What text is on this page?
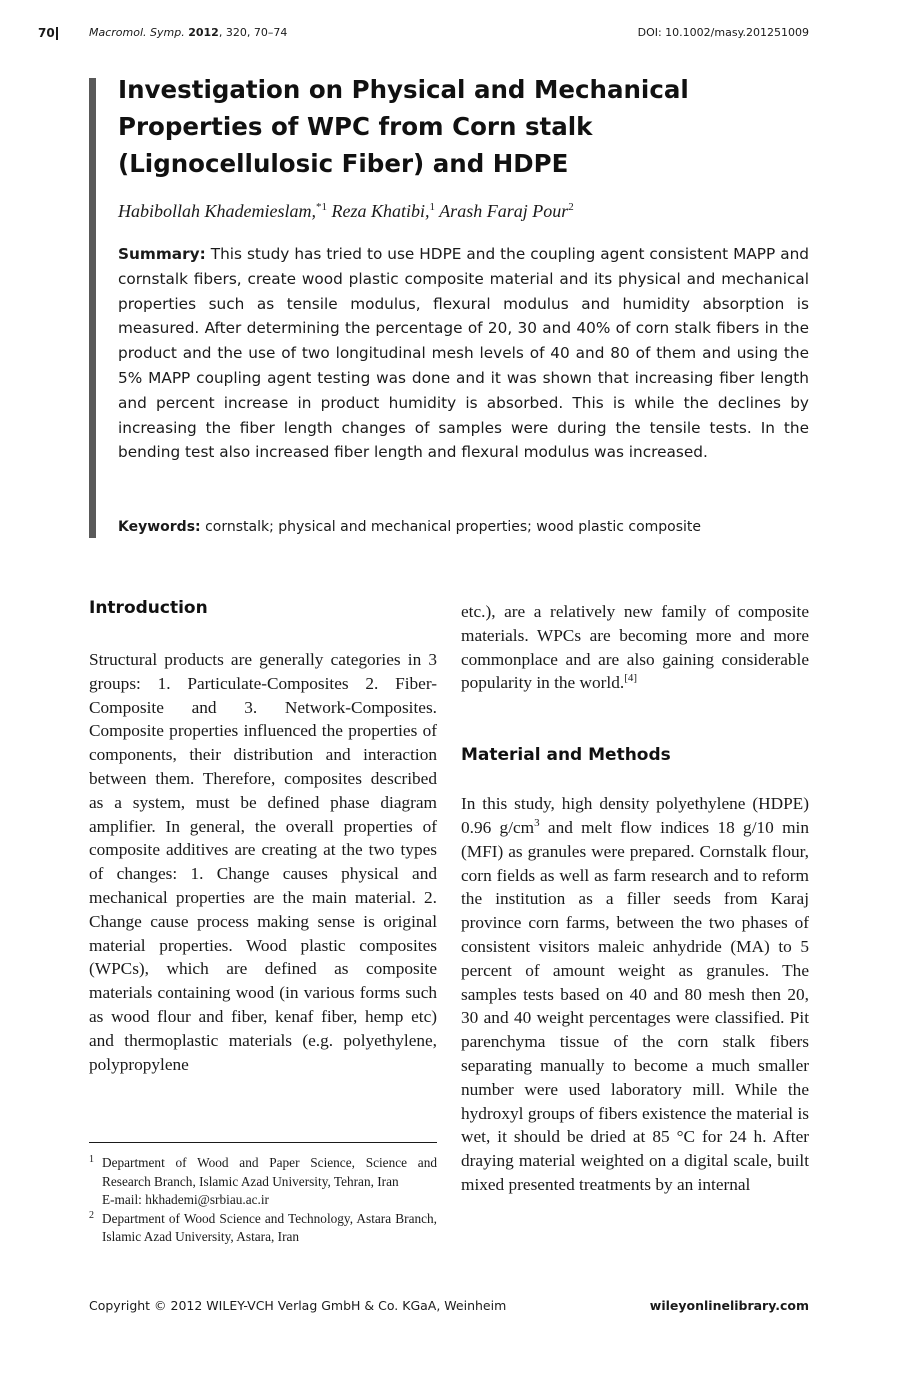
70	Macromol. Symp. 2012, 320, 70–74	DOI: 10.1002/masy.201251009
Investigation on Physical and Mechanical Properties of WPC from Corn stalk (Lignocellulosic Fiber) and HDPE
Habibollah Khademieslam,$^{*1}$ Reza Khatibi,$^1$ Arash Faraj Pour$^2$

Summary: This study has tried to use HDPE and the coupling agent consistent MAPP and cornstalk fibers, create wood plastic composite material and its physical and mechanical properties such as tensile modulus, flexural modulus and humidity absorption is measured. After determining the percentage of 20, 30 and 40% of corn stalk fibers in the product and the use of two longitudinal mesh levels of 40 and 80 of them and using the 5% MAPP coupling agent testing was done and it was shown that increasing fiber length and percent increase in product humidity is absorbed. This is while the declines by increasing the fiber length changes of samples were during the tensile tests. In the bending test also increased fiber length and flexural modulus was increased.

Keywords: cornstalk; physical and mechanical properties; wood plastic composite
Introduction

Structural products are generally categories in 3 groups: 1. Particulate-Composites 2. Fiber-Composite and 3. Network-Composites. Composite properties influenced the properties of components, their distribution and interaction between them. Therefore, composites described as a system, must be defined phase diagram amplifier. In general, the overall properties of composite additives are creating at the two types of changes: 1. Change causes physical and mechanical properties are the main material. 2. Change cause process making sense is original material properties. Wood plastic composites (WPCs), which are defined as composite materials containing wood (in various forms such as wood flour and fiber, kenaf fiber, hemp etc) and thermoplastic materials (e.g. polyethylene, polypropylene

1 Department of Wood and Paper Science, Science and Research Branch, Islamic Azad University, Tehran, Iran
E-mail: hkhademi@srbiau.ac.ir
2 Department of Wood Science and Technology, Astara Branch, Islamic Azad University, Astara, Iran

etc.), are a relatively new family of composite materials. WPCs are becoming more and more commonplace and are also gaining considerable popularity in the world.[4]

Material and Methods

In this study, high density polyethylene (HDPE) 0.96 $g/cm^3$ and melt flow indices 18 g/10 min (MFI) as granules were prepared. Cornstalk flour, corn fields as well as farm research and to reform the institution as a filler seeds from Karaj province corn farms, between the two phases of consistent visitors maleic anhydride (MA) to 5 percent of amount weight as granules. The samples tests based on 40 and 80 mesh then 20, 30 and 40 weight percentages were classified. Pit parenchyma tissue of the corn stalk fibers separating manually to become a much smaller number were used laboratory mill. While the hydroxyl groups of fibers existence the material is wet, it should be dried at 85 °C for 24 h. After draying material weighted on a digital scale, built mixed presented treatments by an internal

Copyright © 2012 WILEY-VCH Verlag GmbH & Co. KGaA, Weinheim	wileyonlinelibrary.com
